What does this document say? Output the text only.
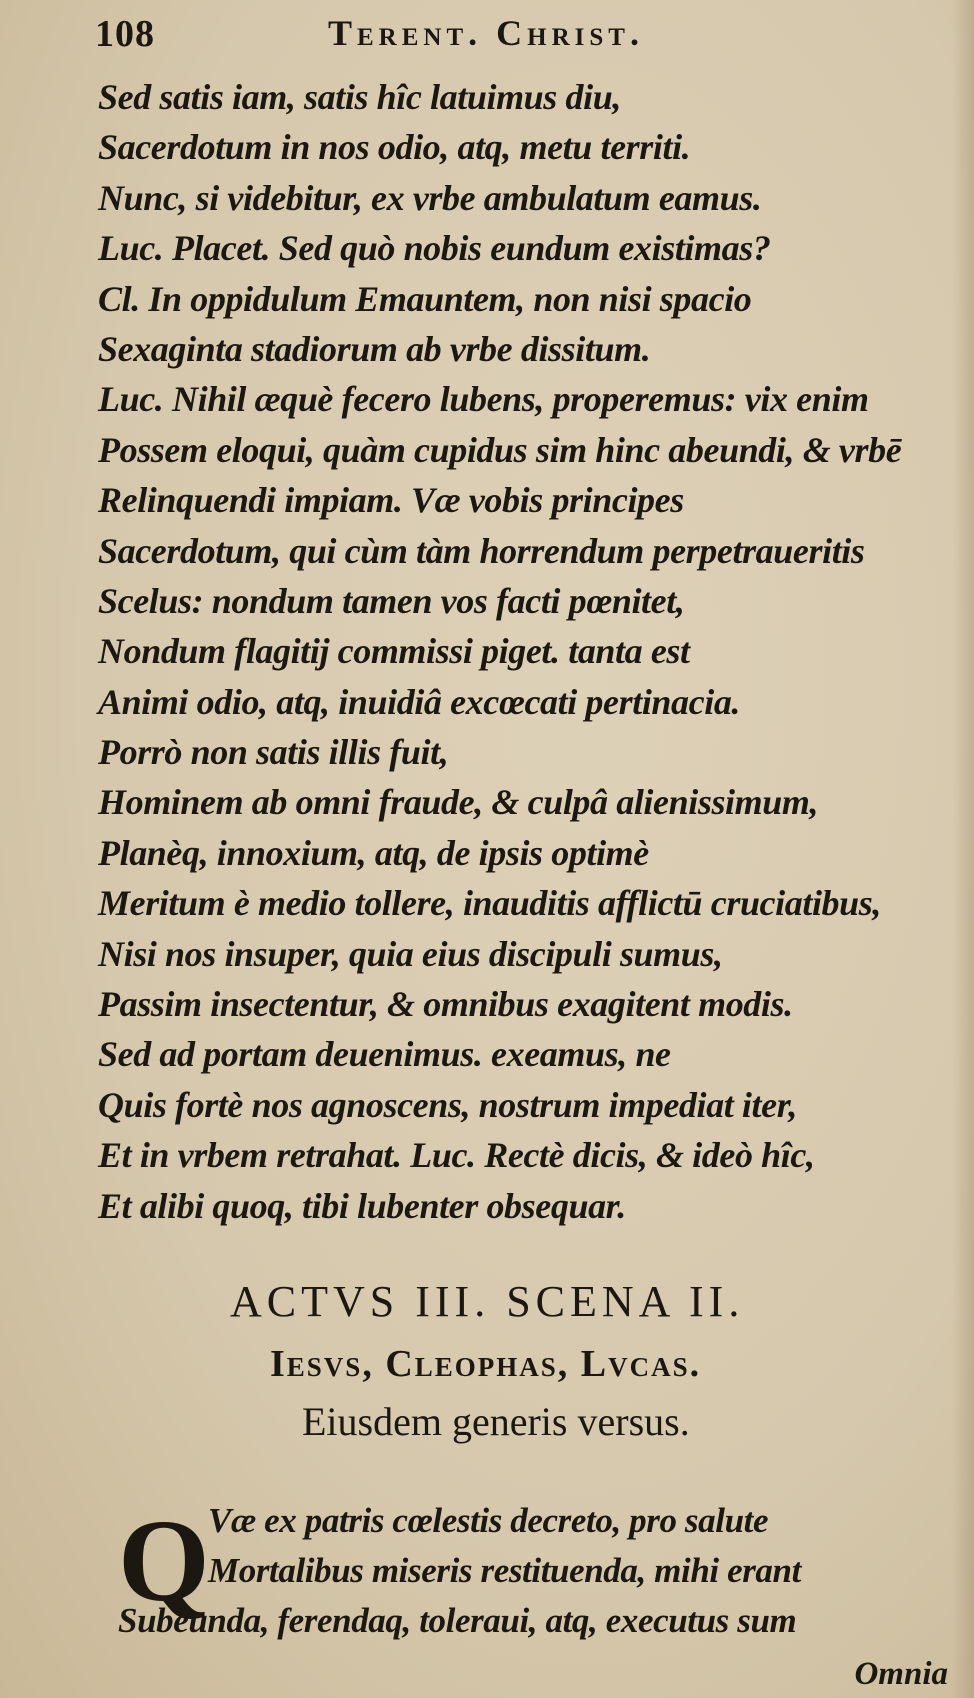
108	Terent. Christ.
Sed satis iam, satis hîc latuimus diu,
Sacerdotum in nos odio, atq, metu territi.
Nunc, si videbitur, ex vrbe ambulatum eamus.
Luc. Placet. Sed quò nobis eundum existimas?
Cl. In oppidulum Emauntem, non nisi spacio
Sexaginta stadiorum ab vrbe dissitum.
Luc. Nihil æquè fecero lubens, properemus: vix enim
Possem eloqui, quàm cupidus sim hinc abeundi, & vrbē
Relinquendi impiam. Væ vobis principes
Sacerdotum, qui cùm tàm horrendum perpetraueritis
Scelus: nondum tamen vos facti pœnitet,
Nondum flagitij commissi piget. tanta est
Animi odio, atq, inuidiâ excœcati pertinacia.
Porrò non satis illis fuit,
Hominem ab omni fraude, & culpâ alienissimum,
Planèq, innoxium, atq, de ipsis optimè
Meritum è medio tollere, inauditis afflictū cruciatibus,
Nisi nos insuper, quia eius discipuli sumus,
Passim insectentur, & omnibus exagitent modis.
Sed ad portam deuenimus. exeamus, ne
Quis fortè nos agnoscens, nostrum impediat iter,
Et in vrbem retrahat. Luc. Rectè dicis, & ideò hîc,
Et alibi quoq, tibi lubenter obsequar.
ACTVS III. SCENA II.
Iesvs, Cleophas, Lvcas.
Eiusdem generis versus.
Q
Væ ex patris cœlestis decreto, pro salute
Mortalibus miseris restituenda, mihi erant
Subeunda, ferendaq, toleraui, atq, executus sum
Omnia
